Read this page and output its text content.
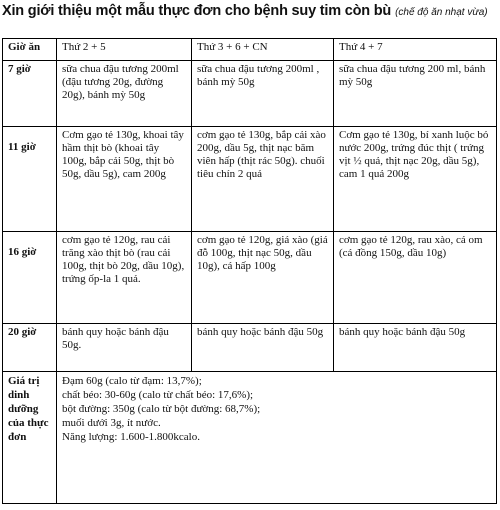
Xin giới thiệu một mẫu thực đơn cho bệnh suy tim còn bù (chế độ ăn nhạt vừa)
Giờ ăn	Thứ 2 + 5	Thứ 3 + 6 + CN	Thứ 4 + 7
7 giờ	sữa chua đậu tương 200ml (đậu tương 20g, đường 20g), bánh mỳ 50g	sữa chua đậu tương 200ml , bánh mỳ 50g	sữa chua đậu tương 200 ml, bánh mỳ 50g
11 giờ	Cơm gạo tẻ 130g, khoai tây hầm thịt bò (khoai tây 100g, bắp cải 50g, thịt bò 50g, dầu 5g), cam 200g	cơm gạo tẻ 130g, bắp cải xào 200g, dầu 5g, thịt nạc băm viên hấp (thịt rác 50g). chuối tiêu chín 2 quả	Cơm gạo tẻ 130g, bí xanh luộc bỏ nước 200g, trứng đúc thịt ( trứng vịt ½ quả, thịt nạc 20g, dầu 5g), cam 1 quả 200g
16 giờ	cơm gạo tẻ 120g, rau cải trăng xào thịt bò (rau cải 100g, thịt bò 20g, dầu 10g), trứng ốp-la 1 quả.	cơm gạo tẻ 120g, giá xào (giá đỗ 100g, thịt nạc 50g, dầu 10g), cá hấp 100g	cơm gạo tẻ 120g, rau xào, cá om (cá đồng 150g, dầu 10g)
20 giờ	bánh quy hoặc bánh đậu 50g.	bánh quy hoặc bánh đậu 50g	bánh quy hoặc bánh đậu 50g
Giá trị dinh dưỡng của thực đơn	Đạm 60g (calo từ đạm: 13,7%);
chất béo: 30-60g (calo từ chất béo: 17,6%);
bột đường: 350g (calo từ bột đường: 68,7%);
muối dưới 3g, ít nước.
Năng lượng: 1.600-1.800kcalo.		
